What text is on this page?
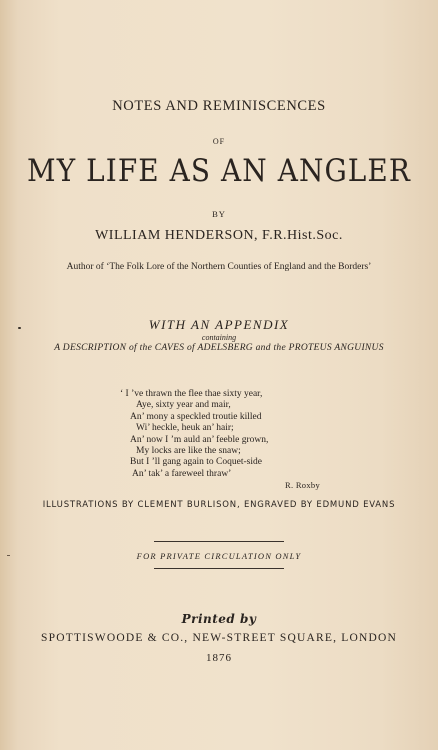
NOTES AND REMINISCENCES
OF
MY LIFE AS AN ANGLER
BY
WILLIAM HENDERSON, F.R.Hist.Soc.
Author of ‘The Folk Lore of the Northern Counties of England and the Borders’
WITH AN APPENDIX
containing
A DESCRIPTION of the CAVES of ADELSBERG and the PROTEUS ANGUINUS
‘ I ’ve thrawn the flee thae sixty year,
Aye, sixty year and mair,
An’ mony a speckled troutie killed
Wi’ heckle, heuk an’ hair;
An’ now I ’m auld an’ feeble grown,
My locks are like the snaw;
But I ’ll gang again to Coquet-side
An’ tak’ a fareweel thraw’
R. Roxby
ILLUSTRATIONS BY CLEMENT BURLISON, ENGRAVED BY EDMUND EVANS
FOR PRIVATE CIRCULATION ONLY
Printed by
SPOTTISWOODE & CO., NEW-STREET SQUARE, LONDON
1876
